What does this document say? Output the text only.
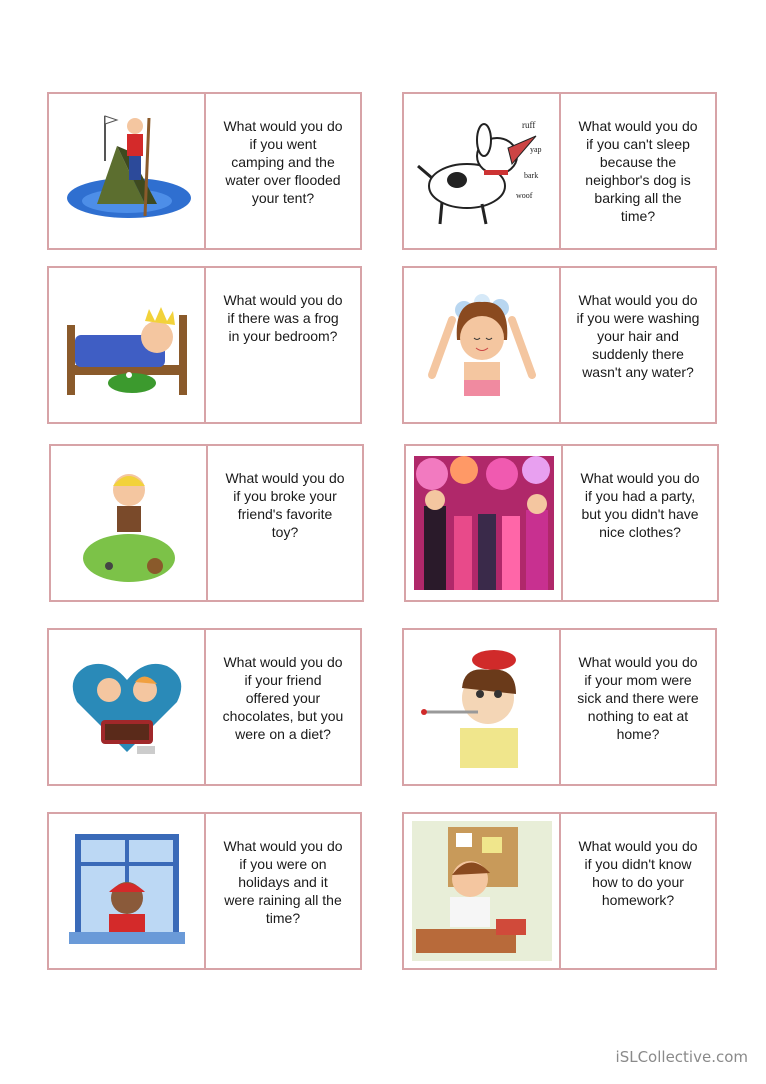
What would you do
if you went
camping and the
water over flooded
your tent?
ruff
yap
bark
woof
What would you do
if you can't sleep
because the
neighbor's dog is
barking all the
time?
What would you do
if there was a frog
in your bedroom?
What would you do
if you were washing
your hair and
suddenly there
wasn't any water?
What would you do
if you broke your
friend's favorite
toy?
What would you do
if you had a party,
but you didn't have
nice clothes?
What would you do
if your friend
offered your
chocolates, but you
were on a diet?
What would you do
if your mom were
sick and there were
nothing to eat at
home?
What would you do
if you were on
holidays and it
were raining all the
time?
What would you do
if you didn't know
how to do your
homework?
iSLCollective.com
